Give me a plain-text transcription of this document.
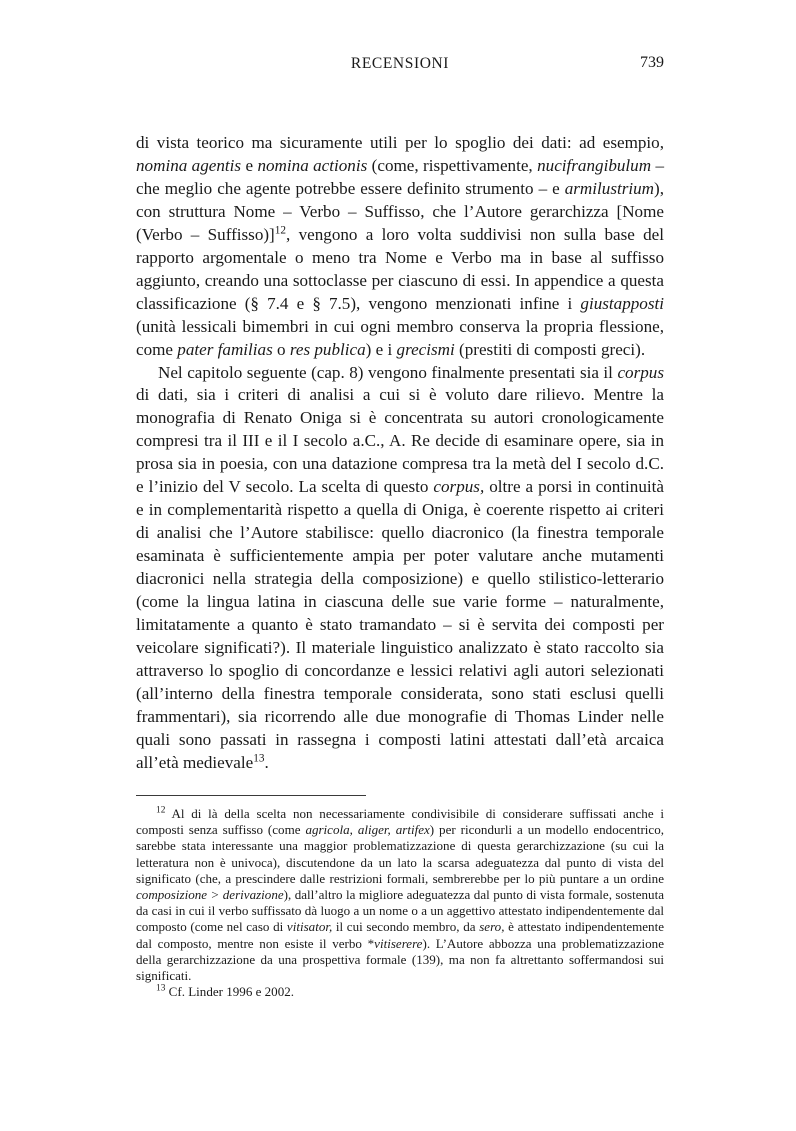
RECENSIONI	739

di vista teorico ma sicuramente utili per lo spoglio dei dati: ad esempio, nomina agentis e nomina actionis (come, rispettivamente, nucifrangibulum – che meglio che agente potrebbe essere definito strumento – e armilustrium), con struttura Nome – Verbo – Suffisso, che l’Autore gerarchizza [Nome (Verbo – Suffisso)]$^{12}$, vengono a loro volta suddivisi non sulla base del rapporto argomentale o meno tra Nome e Verbo ma in base al suffisso aggiunto, creando una sottoclasse per ciascuno di essi. In appendice a questa classificazione (§ 7.4 e § 7.5), vengono menzionati infine i giustapposti (unità lessicali bimembri in cui ogni membro conserva la propria flessione, come pater familias o res publica) e i grecismi (prestiti di composti greci).

Nel capitolo seguente (cap. 8) vengono finalmente presentati sia il corpus di dati, sia i criteri di analisi a cui si è voluto dare rilievo. Mentre la monografia di Renato Oniga si è concentrata su autori cronologicamente compresi tra il III e il I secolo a.C., A. Re decide di esaminare opere, sia in prosa sia in poesia, con una datazione compresa tra la metà del I secolo d.C. e l’inizio del V secolo. La scelta di questo corpus, oltre a porsi in continuità e in complementarità rispetto a quella di Oniga, è coerente rispetto ai criteri di analisi che l’Autore stabilisce: quello diacronico (la finestra temporale esaminata è sufficientemente ampia per poter valutare anche mutamenti diacronici nella strategia della composizione) e quello stilistico-letterario (come la lingua latina in ciascuna delle sue varie forme – naturalmente, limitatamente a quanto è stato tramandato – si è servita dei composti per veicolare significati?). Il materiale linguistico analizzato è stato raccolto sia attraverso lo spoglio di concordanze e lessici relativi agli autori selezionati (all’interno della finestra temporale considerata, sono stati esclusi quelli frammentari), sia ricorrendo alle due monografie di Thomas Linder nelle quali sono passati in rassegna i composti latini attestati dall’età arcaica all’età medievale$^{13}$.

$^{12}$ Al di là della scelta non necessariamente condivisibile di considerare suffissati anche i composti senza suffisso (come agricola, aliger, artifex) per ricondurli a un modello endocentrico, sarebbe stata interessante una maggior problematizzazione di questa gerarchizzazione (su cui la letteratura non è univoca), discutendone da un lato la scarsa adeguatezza dal punto di vista del significato (che, a prescindere dalle restrizioni formali, sembrerebbe per lo più puntare a un ordine composizione > derivazione), dall’altro la migliore adeguatezza dal punto di vista formale, sostenuta da casi in cui il verbo suffissato dà luogo a un nome o a un aggettivo attestato indipendentemente dal composto (come nel caso di vitisator, il cui secondo membro, da sero, è attestato indipendentemente dal composto, mentre non esiste il verbo *vitiserere). L’Autore abbozza una problematizzazione della gerarchizzazione da una prospettiva formale (139), ma non fa altrettanto soffermandosi sui significati.

$^{13}$ Cf. Linder 1996 e 2002.
